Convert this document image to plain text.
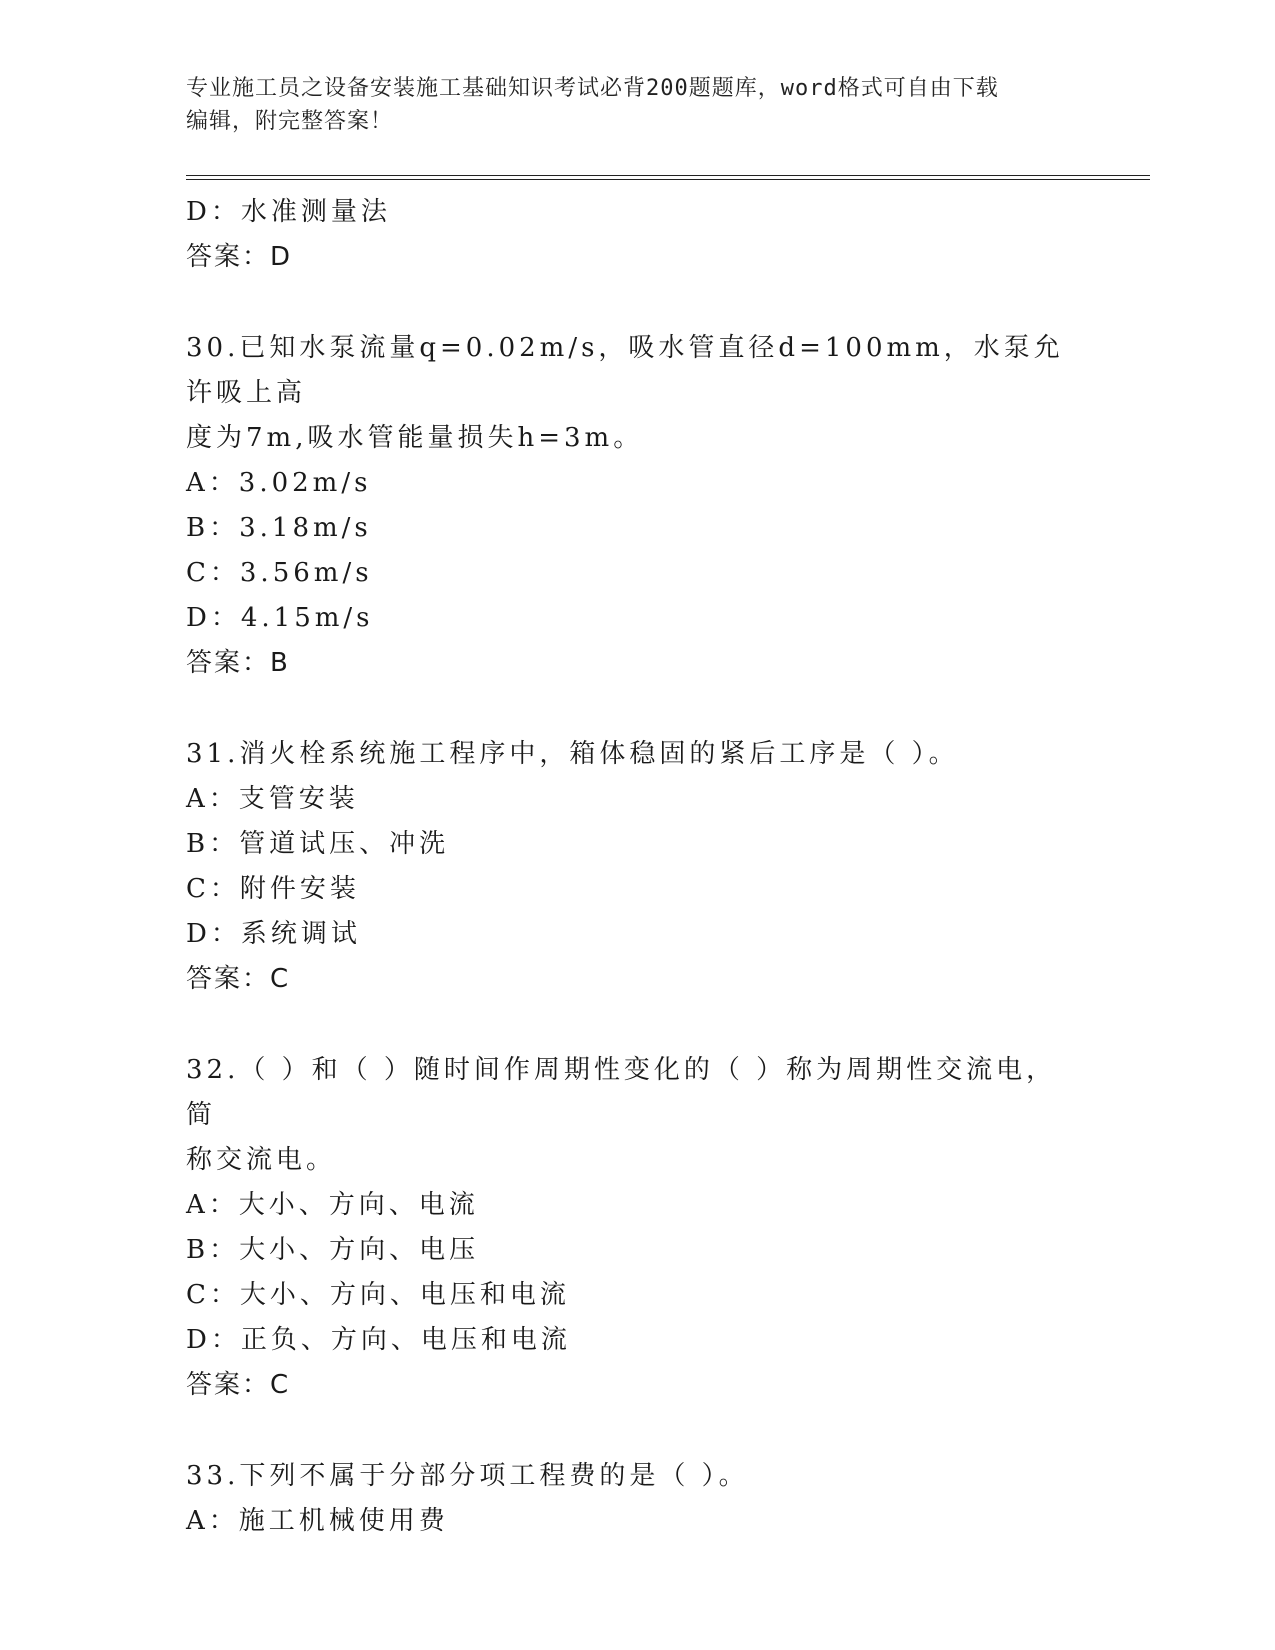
专业施工员之设备安装施工基础知识考试必背200题题库，word格式可自由下载
编辑，附完整答案！
D：水准测量法
答案：D
30.已知水泵流量q=0.02m/s，吸水管直径d=100mm，水泵允许吸上高
度为7m,吸水管能量损失h=3m。
A：3.02m/s
B：3.18m/s
C：3.56m/s
D：4.15m/s
答案：B
31.消火栓系统施工程序中，箱体稳固的紧后工序是（ ）。
A：支管安装
B：管道试压、冲洗
C：附件安装
D：系统调试
答案：C
32.（ ）和（ ）随时间作周期性变化的（ ）称为周期性交流电，简
称交流电。
A：大小、方向、电流
B：大小、方向、电压
C：大小、方向、电压和电流
D：正负、方向、电压和电流
答案：C
33.下列不属于分部分项工程费的是（ ）。
A：施工机械使用费
